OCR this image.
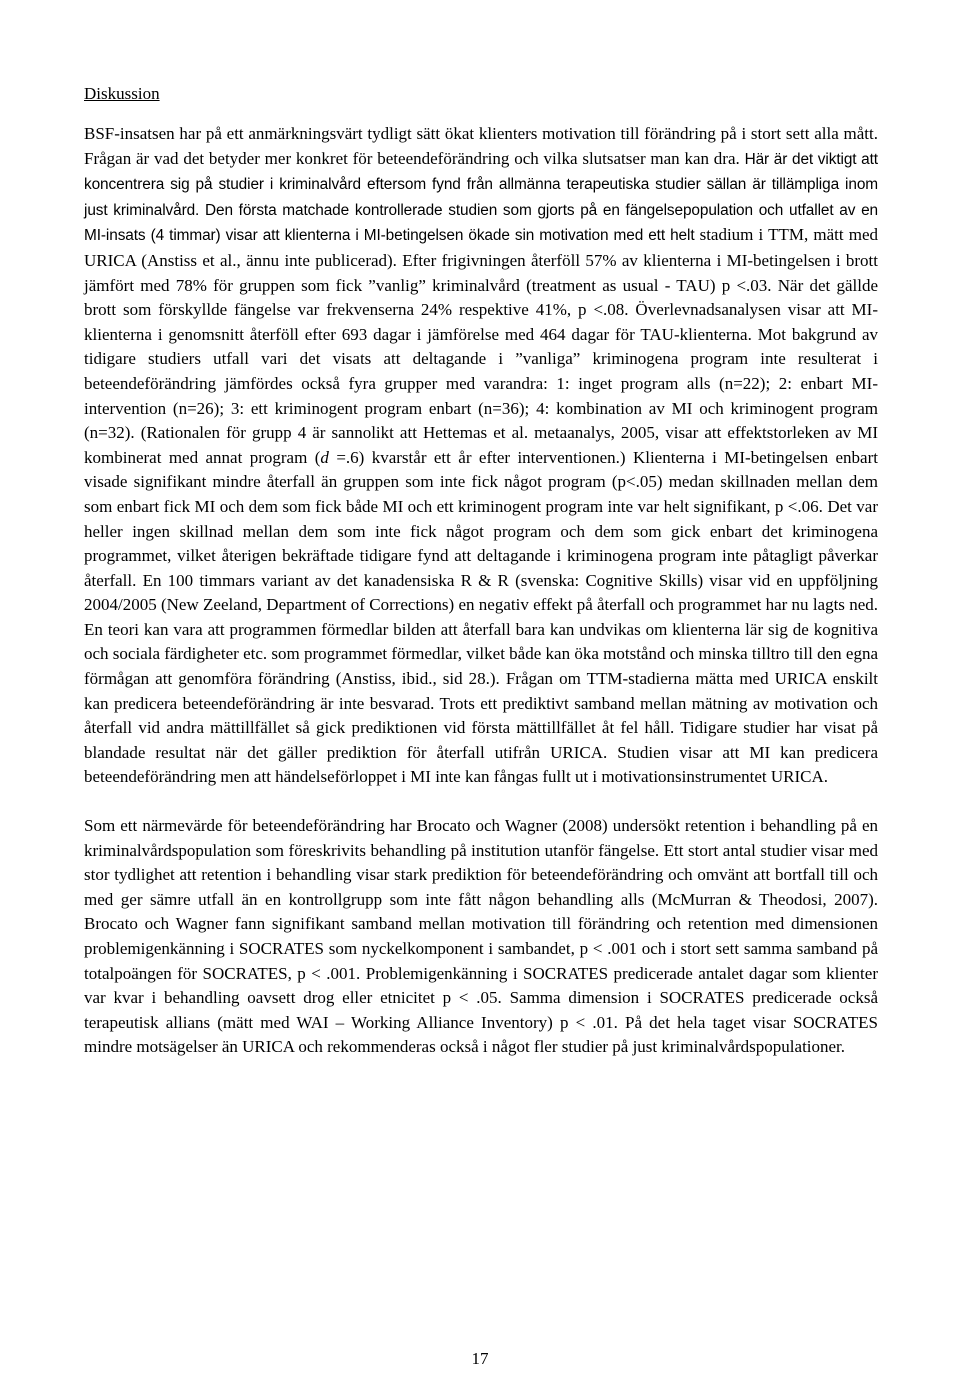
Diskussion

BSF-insatsen har på ett anmärkningsvärt tydligt sätt ökat klienters motivation till förändring på i stort sett alla mått. Frågan är vad det betyder mer konkret för beteendeförändring och vilka slutsatser man kan dra. Här är det viktigt att koncentrera sig på studier i kriminalvård eftersom fynd från allmänna terapeutiska studier sällan är tillämpliga inom just kriminalvård. Den första matchade kontrollerade studien som gjorts på en fängelsepopulation och utfallet av en MI-insats (4 timmar) visar att klienterna i MI-betingelsen ökade sin motivation med ett helt stadium i TTM, mätt med URICA (Anstiss et al., ännu inte publicerad). Efter frigivningen återföll 57% av klienterna i MI-betingelsen i brott jämfört med 78% för gruppen som fick ”vanlig” kriminalvård (treatment as usual - TAU) p <.03. När det gällde brott som förskyllde fängelse var frekvenserna 24% respektive 41%, p <.08. Överlevnadsanalysen visar att MI-klienterna i genomsnitt återföll efter 693 dagar i jämförelse med 464 dagar för TAU-klienterna. Mot bakgrund av tidigare studiers utfall vari det visats att deltagande i ”vanliga” kriminogena program inte resulterat i beteendeförändring jämfördes också fyra grupper med varandra: 1: inget program alls (n=22); 2: enbart MI-intervention (n=26); 3: ett kriminogent program enbart (n=36); 4: kombination av MI och kriminogent program (n=32). (Rationalen för grupp 4 är sannolikt att Hettemas et al. metaanalys, 2005, visar att effektstorleken av MI kombinerat med annat program (d =.6) kvarstår ett år efter interventionen.) Klienterna i MI-betingelsen enbart visade signifikant mindre återfall än gruppen som inte fick något program (p<.05) medan skillnaden mellan dem som enbart fick MI och dem som fick både MI och ett kriminogent program inte var helt signifikant, p <.06. Det var heller ingen skillnad mellan dem som inte fick något program och dem som gick enbart det kriminogena programmet, vilket återigen bekräftade tidigare fynd att deltagande i kriminogena program inte påtagligt påverkar återfall. En 100 timmars variant av det kanadensiska R & R (svenska: Cognitive Skills) visar vid en uppföljning 2004/2005 (New Zeeland, Department of Corrections) en negativ effekt på återfall och programmet har nu lagts ned. En teori kan vara att programmen förmedlar bilden att återfall bara kan undvikas om klienterna lär sig de kognitiva och sociala färdigheter etc. som programmet förmedlar, vilket både kan öka motstånd och minska tilltro till den egna förmågan att genomföra förändring (Anstiss, ibid., sid 28.). Frågan om TTM-stadierna mätta med URICA enskilt kan predicera beteendeförändring är inte besvarad. Trots ett prediktivt samband mellan mätning av motivation och återfall vid andra mättillfället så gick prediktionen vid första mättillfället åt fel håll. Tidigare studier har visat på blandade resultat när det gäller prediktion för återfall utifrån URICA. Studien visar att MI kan predicera beteendeförändring men att händelseförloppet i MI inte kan fångas fullt ut i motivationsinstrumentet URICA.

Som ett närmevärde för beteendeförändring har Brocato och Wagner (2008) undersökt retention i behandling på en kriminalvårdspopulation som föreskrivits behandling på institution utanför fängelse. Ett stort antal studier visar med stor tydlighet att retention i behandling visar stark prediktion för beteendeförändring och omvänt att bortfall till och med ger sämre utfall än en kontrollgrupp som inte fått någon behandling alls (McMurran & Theodosi, 2007). Brocato och Wagner fann signifikant samband mellan motivation till förändring och retention med dimensionen problemigenkänning i SOCRATES som nyckelkomponent i sambandet, p < .001 och i stort sett samma samband på totalpoängen för SOCRATES, p < .001. Problemigenkänning i SOCRATES predicerade antalet dagar som klienter var kvar i behandling oavsett drog eller etnicitet p < .05. Samma dimension i SOCRATES predicerade också terapeutisk allians (mätt med WAI – Working Alliance Inventory) p < .01. På det hela taget visar SOCRATES mindre motsägelser än URICA och rekommenderas också i något fler studier på just kriminalvårdspopulationer.

17
